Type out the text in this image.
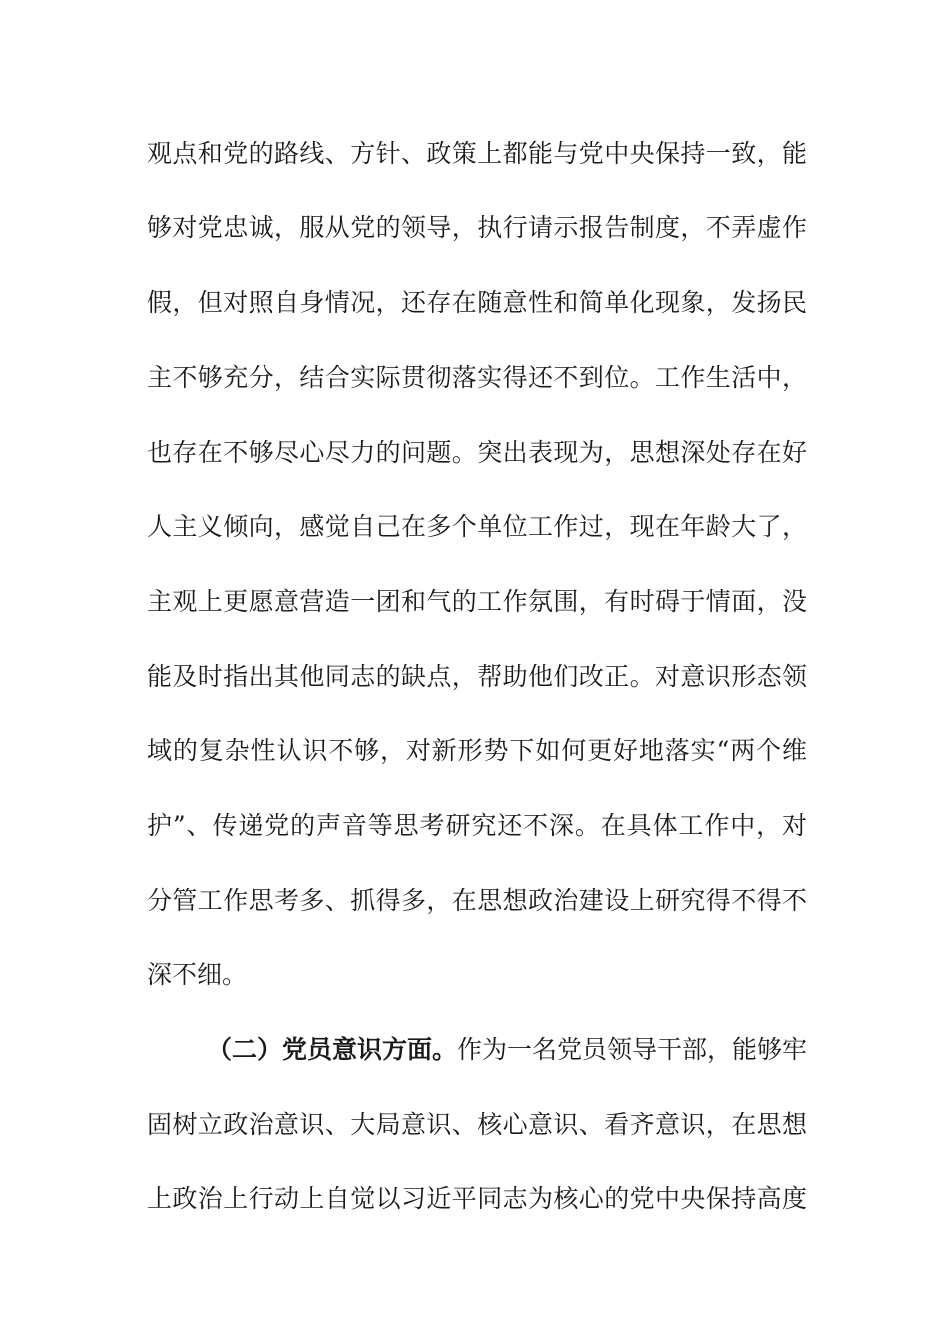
观点和党的路线、方针、政策上都能与党中央保持一致，能
够对党忠诚，服从党的领导，执行请示报告制度，不弄虚作
假，但对照自身情况，还存在随意性和简单化现象，发扬民
主不够充分，结合实际贯彻落实得还不到位。工作生活中，
也存在不够尽心尽力的问题。突出表现为，思想深处存在好
人主义倾向，感觉自己在多个单位工作过，现在年龄大了，
主观上更愿意营造一团和气的工作氛围，有时碍于情面，没
能及时指出其他同志的缺点，帮助他们改正。对意识形态领
域的复杂性认识不够，对新形势下如何更好地落实“两个维
护”、传递党的声音等思考研究还不深。在具体工作中，对
分管工作思考多、抓得多，在思想政治建设上研究得不得不
深不细。
（二）党员意识方面。作为一名党员领导干部，能够牢
固树立政治意识、大局意识、核心意识、看齐意识，在思想
上政治上行动上自觉以习近平同志为核心的党中央保持高度
